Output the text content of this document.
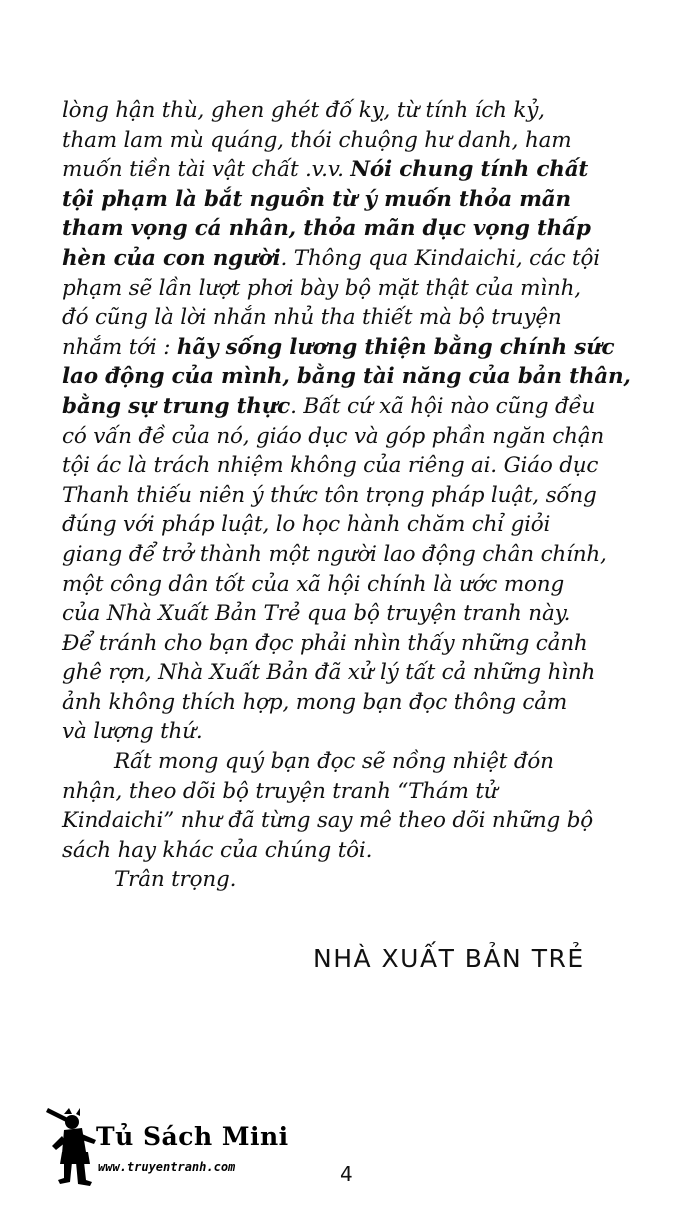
lòng hận thù, ghen ghét đố kỵ, từ tính ích kỷ,
tham lam mù quáng, thói chuộng hư danh, ham
muốn tiền tài vật chất .v.v. Nói chung tính chất
tội phạm là bắt nguồn từ ý muốn thỏa mãn
tham vọng cá nhân, thỏa mãn dục vọng thấp
hèn của con người. Thông qua Kindaichi, các tội
phạm sẽ lần lượt phơi bày bộ mặt thật của mình,
đó cũng là lời nhắn nhủ tha thiết mà bộ truyện
nhắm tới : hãy sống lương thiện bằng chính sức
lao động của mình, bằng tài năng của bản thân,
bằng sự trung thực. Bất cứ xã hội nào cũng đều
có vấn đề của nó, giáo dục và góp phần ngăn chận
tội ác là trách nhiệm không của riêng ai. Giáo dục
Thanh thiếu niên ý thức tôn trọng pháp luật, sống
đúng với pháp luật, lo học hành chăm chỉ giỏi
giang để trở thành một người lao động chân chính,
một công dân tốt của xã hội chính là ước mong
của Nhà Xuất Bản Trẻ qua bộ truyện tranh này.
Để tránh cho bạn đọc phải nhìn thấy những cảnh
ghê rợn, Nhà Xuất Bản đã xử lý tất cả những hình
ảnh không thích hợp, mong bạn đọc thông cảm
và lượng thứ.
Rất mong quý bạn đọc sẽ nồng nhiệt đón
nhận, theo dõi bộ truyện tranh “Thám tử
Kindaichi” như đã từng say mê theo dõi những bộ
sách hay khác của chúng tôi.
Trân trọng.
NHÀ XUẤT BẢN TRẺ
Tủ Sách Mini
www.truyentranh.com	4
